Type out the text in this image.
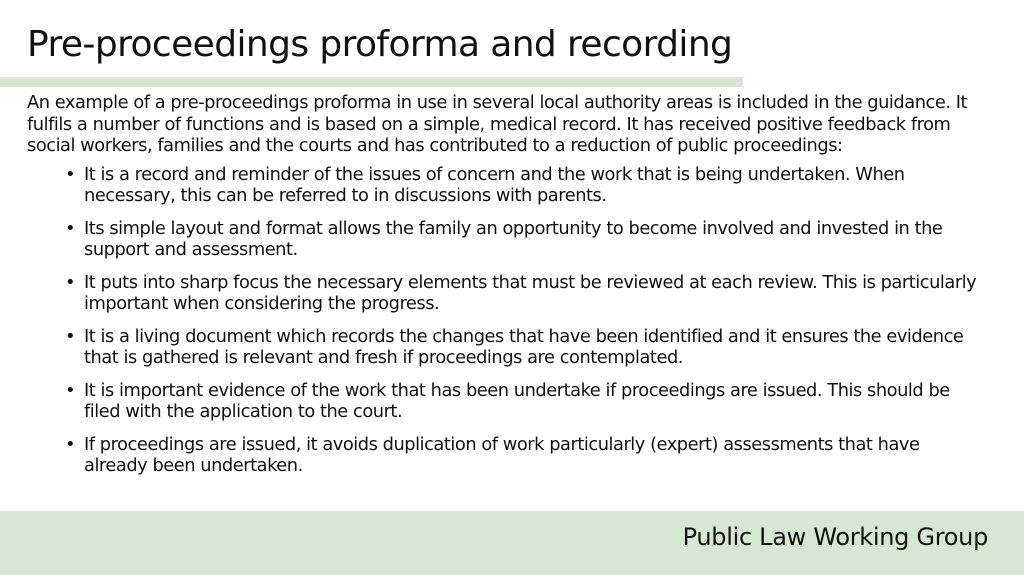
Pre-proceedings proforma and recording

An example of a pre-proceedings proforma in use in several local authority areas is included in the guidance. It fulfils a number of functions and is based on a simple, medical record. It has received positive feedback from social workers, families and the courts and has contributed to a reduction of public proceedings:

• It is a record and reminder of the issues of concern and the work that is being undertaken. When necessary, this can be referred to in discussions with parents.
• Its simple layout and format allows the family an opportunity to become involved and invested in the support and assessment.
• It puts into sharp focus the necessary elements that must be reviewed at each review. This is particularly important when considering the progress.
• It is a living document which records the changes that have been identified and it ensures the evidence that is gathered is relevant and fresh if proceedings are contemplated.
• It is important evidence of the work that has been undertake if proceedings are issued. This should be filed with the application to the court.
• If proceedings are issued, it avoids duplication of work particularly (expert) assessments that have already been undertaken.
Public Law Working Group
